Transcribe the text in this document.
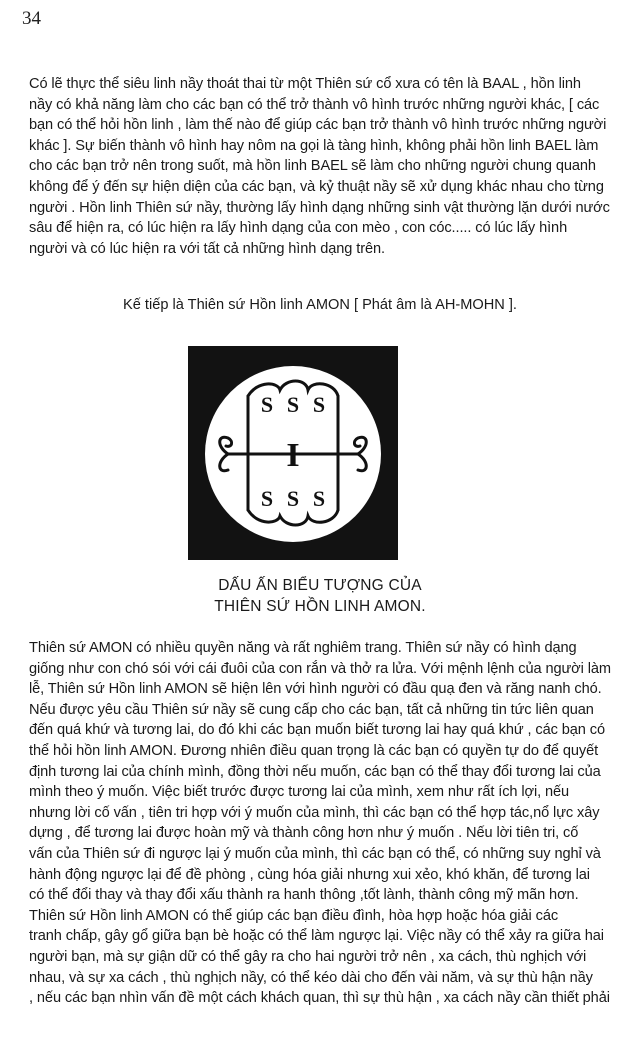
34
Có lẽ thực thể siêu linh nầy thoát thai từ một Thiên sứ cổ xưa có tên là BAAL , hồn linh
nầy có khả năng làm cho các bạn có thể trở thành vô hình trước những người khác, [ các
bạn có thể hỏi hồn linh , làm thế nào để giúp các bạn trở thành vô hình trước những người
khác ]. Sự biến thành vô hình hay nôm na gọi là tàng hình, không phải hồn linh BAEL làm
cho các bạn trở nên trong suốt, mà hồn linh BAEL sẽ làm cho những người chung quanh
không để ý đến sự hiện diện của các bạn, và kỷ thuật nầy sẽ xử dụng khác nhau cho từng
người . Hồn linh Thiên sứ nầy, thường lấy hình dạng những sinh vật thường lặn dưới nước
sâu để hiện ra, có lúc hiện ra lấy hình dạng của con mèo , con cóc..... có lúc lấy hình
người và có lúc hiện ra với tất cả những hình dạng trên.
Kế tiếp là Thiên sứ Hồn linh AMON [ Phát âm là AH-MOHN ].
S S S
S S S
I
DẤU ẤN BIỂU TƯỢNG CỦA
THIÊN SỨ HỒN LINH AMON.
Thiên sứ AMON có nhiều quyền năng và rất nghiêm trang. Thiên sứ nầy có hình dạng
giống như con chó sói với cái đuôi của con rắn và thở ra lửa. Với mệnh lệnh của người làm
lễ, Thiên sứ Hồn linh AMON sẽ hiện lên với hình người có đầu quạ đen và răng nanh chó.
Nếu được yêu cầu Thiên sứ nầy sẽ cung cấp cho các bạn, tất cả những tin tức liên quan
đến quá khứ và tương lai, do đó khi các bạn muốn biết tương lai hay quá khứ , các bạn có
thể hỏi hồn linh AMON. Đương nhiên điều quan trọng là các bạn có quyền tự do để quyết
định tương lai của chính mình, đồng thời nếu muốn, các bạn có thể thay đổi tương lai của
mình theo ý muốn. Việc biết trước được tương lai của mình, xem như rất ích lợi, nếu
nhưng lời cố vấn , tiên tri hợp với ý muốn của mình, thì các bạn có thể hợp tác,nổ lực xây
dựng , để tương lai được hoàn mỹ và thành công hơn như ý muốn . Nếu lời tiên tri, cố
vấn của Thiên sứ đi ngược lại ý muốn của mình, thì các bạn có thể, có những suy nghỉ và
hành động ngược lại để đề phòng , cùng hóa giải nhưng xui xẻo, khó khăn, để tương lai
có thể đổi thay và thay đổi xấu thành ra hanh thông ,tốt lành, thành công mỹ mãn hơn.
Thiên sứ Hồn linh AMON có thể giúp các bạn điều đình, hòa hợp hoặc hóa giải các
tranh chấp, gây gổ giữa bạn bè hoặc có thể làm ngược lại. Việc nầy có thể xảy ra giữa hai
người bạn, mà sự giận dữ có thể gây ra cho hai người trở nên , xa cách, thù nghịch với
nhau, và sự xa cách , thù nghịch nầy, có thể kéo dài cho đến vài năm, và sự thù hận nầy
, nếu các bạn nhìn vấn đề một cách khách quan, thì sự thù hận , xa cách nầy cần thiết phải
